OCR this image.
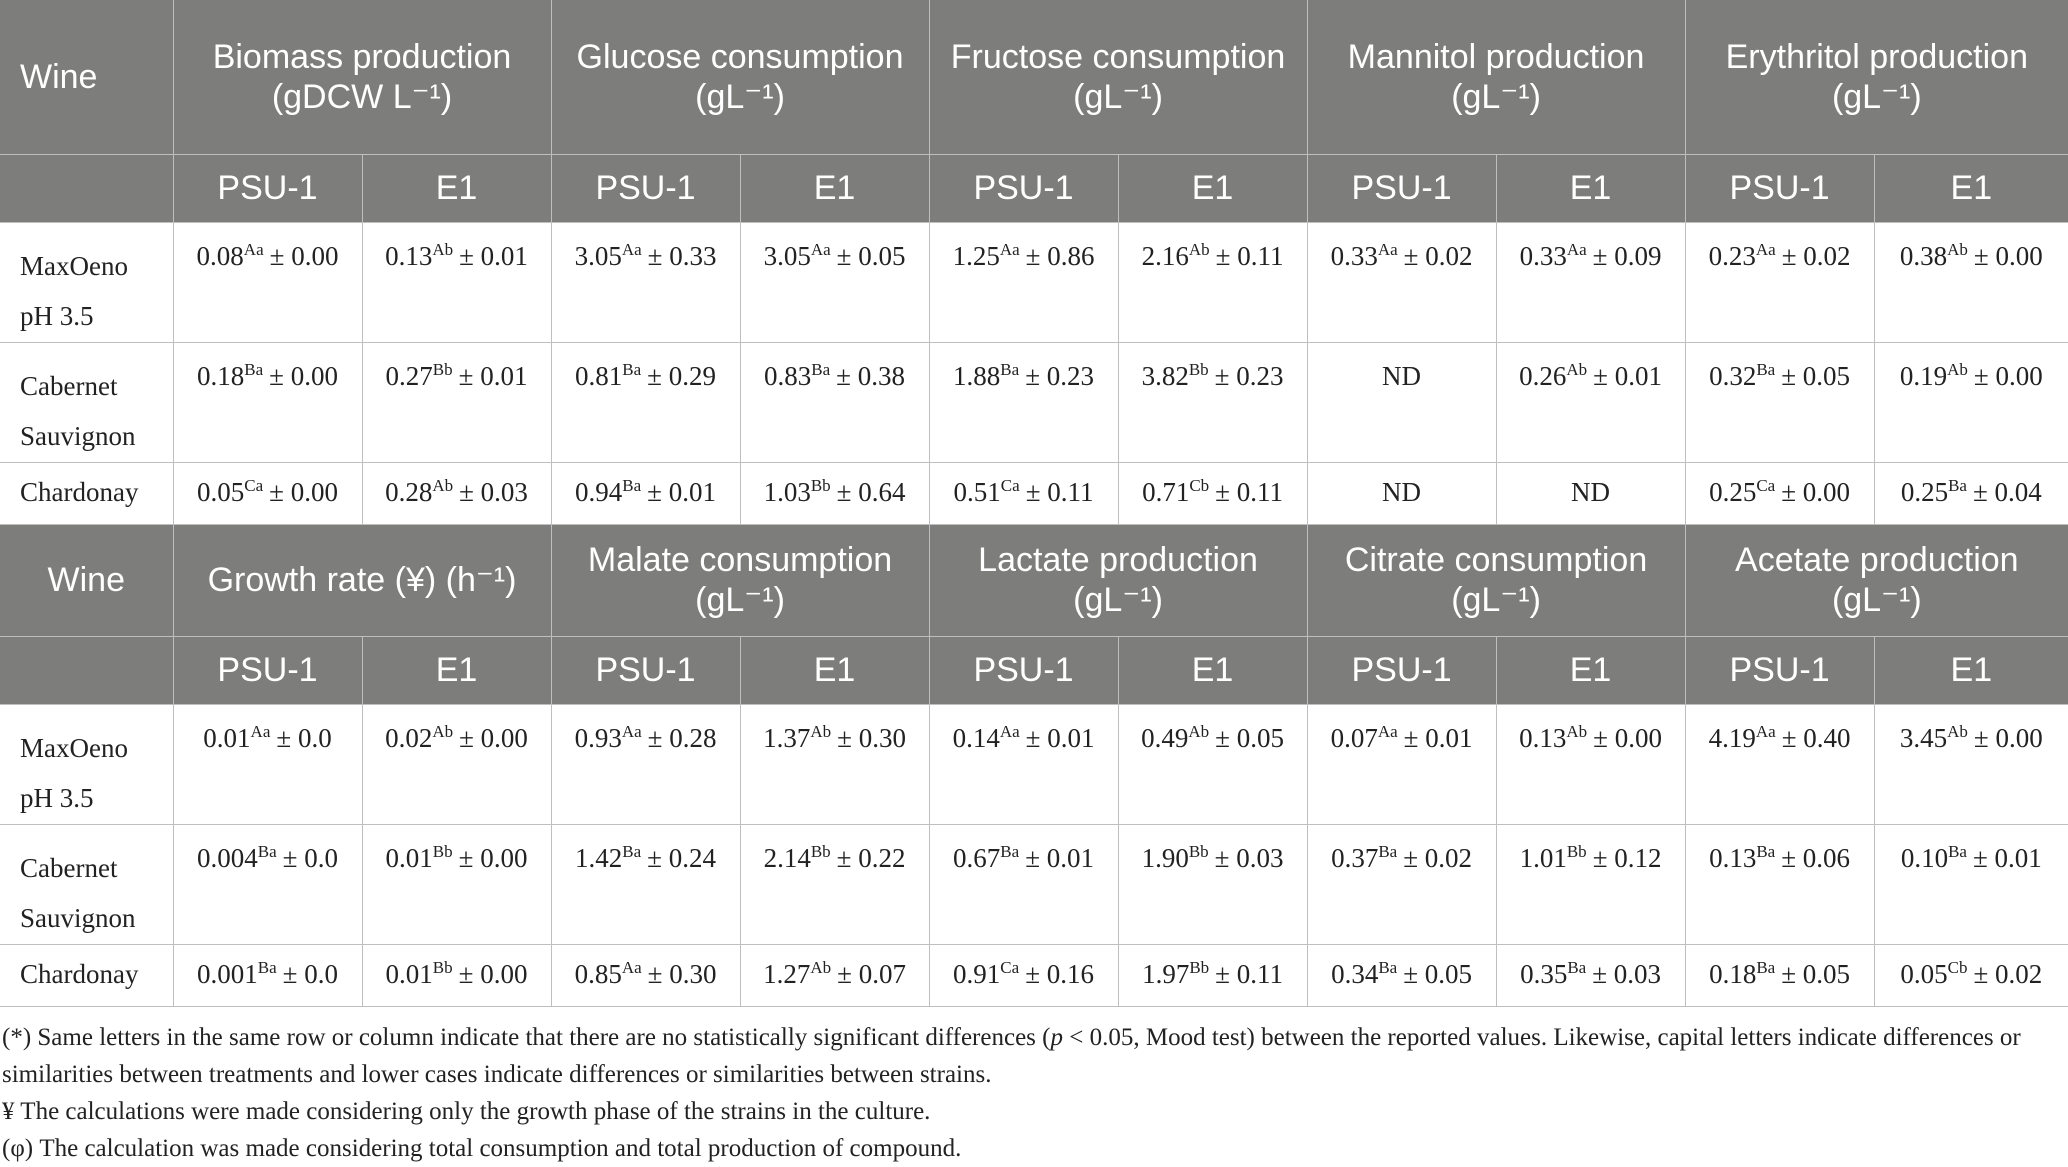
Wine	Biomass production (gDCW L⁻¹)		Glucose consumption (gL⁻¹)		Fructose consumption (gL⁻¹)		Mannitol production (gL⁻¹)		Erythritol production (gL⁻¹)	
	PSU-1	E1	PSU-1	E1	PSU-1	E1	PSU-1	E1	PSU-1	E1

MaxOeno
pH 3.5	$0.08^{Aa} \pm 0.00$	$0.13^{Ab} \pm 0.01$	$3.05^{Aa} \pm 0.33$	$3.05^{Aa} \pm 0.05$	$1.25^{Aa} \pm 0.86$	$2.16^{Ab} \pm 0.11$	$0.33^{Aa} \pm 0.02$	$0.33^{Aa} \pm 0.09$	$0.23^{Aa} \pm 0.02$	$0.38^{Ab} \pm 0.00$

Cabernet
Sauvignon	$0.18^{Ba} \pm 0.00$	$0.27^{Bb} \pm 0.01$	$0.81^{Ba} \pm 0.29$	$0.83^{Ba} \pm 0.38$	$1.88^{Ba} \pm 0.23$	$3.82^{Bb} \pm 0.23$	ND	$0.26^{Ab} \pm 0.01$	$0.32^{Ba} \pm 0.05$	$0.19^{Ab} \pm 0.00$

Chardonay	$0.05^{Ca} \pm 0.00$	$0.28^{Ab} \pm 0.03$	$0.94^{Ba} \pm 0.01$	$1.03^{Bb} \pm 0.64$	$0.51^{Ca} \pm 0.11$	$0.71^{Cb} \pm 0.11$	ND	ND	$0.25^{Ca} \pm 0.00$	$0.25^{Ba} \pm 0.04$
Wine	Growth rate (¥) (h⁻¹)		Malate consumption (gL⁻¹)		Lactate production (gL⁻¹)		Citrate consumption (gL⁻¹)		Acetate production (gL⁻¹)	
	PSU-1	E1	PSU-1	E1	PSU-1	E1	PSU-1	E1	PSU-1	E1

MaxOeno
pH 3.5	$0.01^{Aa} \pm 0.0$	$0.02^{Ab} \pm 0.00$	$0.93^{Aa} \pm 0.28$	$1.37^{Ab} \pm 0.30$	$0.14^{Aa} \pm 0.01$	$0.49^{Ab} \pm 0.05$	$0.07^{Aa} \pm 0.01$	$0.13^{Ab} \pm 0.00$	$4.19^{Aa} \pm 0.40$	$3.45^{Ab} \pm 0.00$

Cabernet
Sauvignon	$0.004^{Ba} \pm 0.0$	$0.01^{Bb} \pm 0.00$	$1.42^{Ba} \pm 0.24$	$2.14^{Bb} \pm 0.22$	$0.67^{Ba} \pm 0.01$	$1.90^{Bb} \pm 0.03$	$0.37^{Ba} \pm 0.02$	$1.01^{Bb} \pm 0.12$	$0.13^{Ba} \pm 0.06$	$0.10^{Ba} \pm 0.01$

Chardonay	$0.001^{Ba} \pm 0.0$	$0.01^{Bb} \pm 0.00$	$0.85^{Aa} \pm 0.30$	$1.27^{Ab} \pm 0.07$	$0.91^{Ca} \pm 0.16$	$1.97^{Bb} \pm 0.11$	$0.34^{Ba} \pm 0.05$	$0.35^{Ba} \pm 0.03$	$0.18^{Ba} \pm 0.05$	$0.05^{Cb} \pm 0.02$
(*) Same letters in the same row or column indicate that there are no statistically significant differences (p < 0.05, Mood test) between the reported values. Likewise, capital letters indicate differences or similarities between treatments and lower cases indicate differences or similarities between strains.
¥ The calculations were made considering only the growth phase of the strains in the culture.
(φ) The calculation was made considering total consumption and total production of compound.
